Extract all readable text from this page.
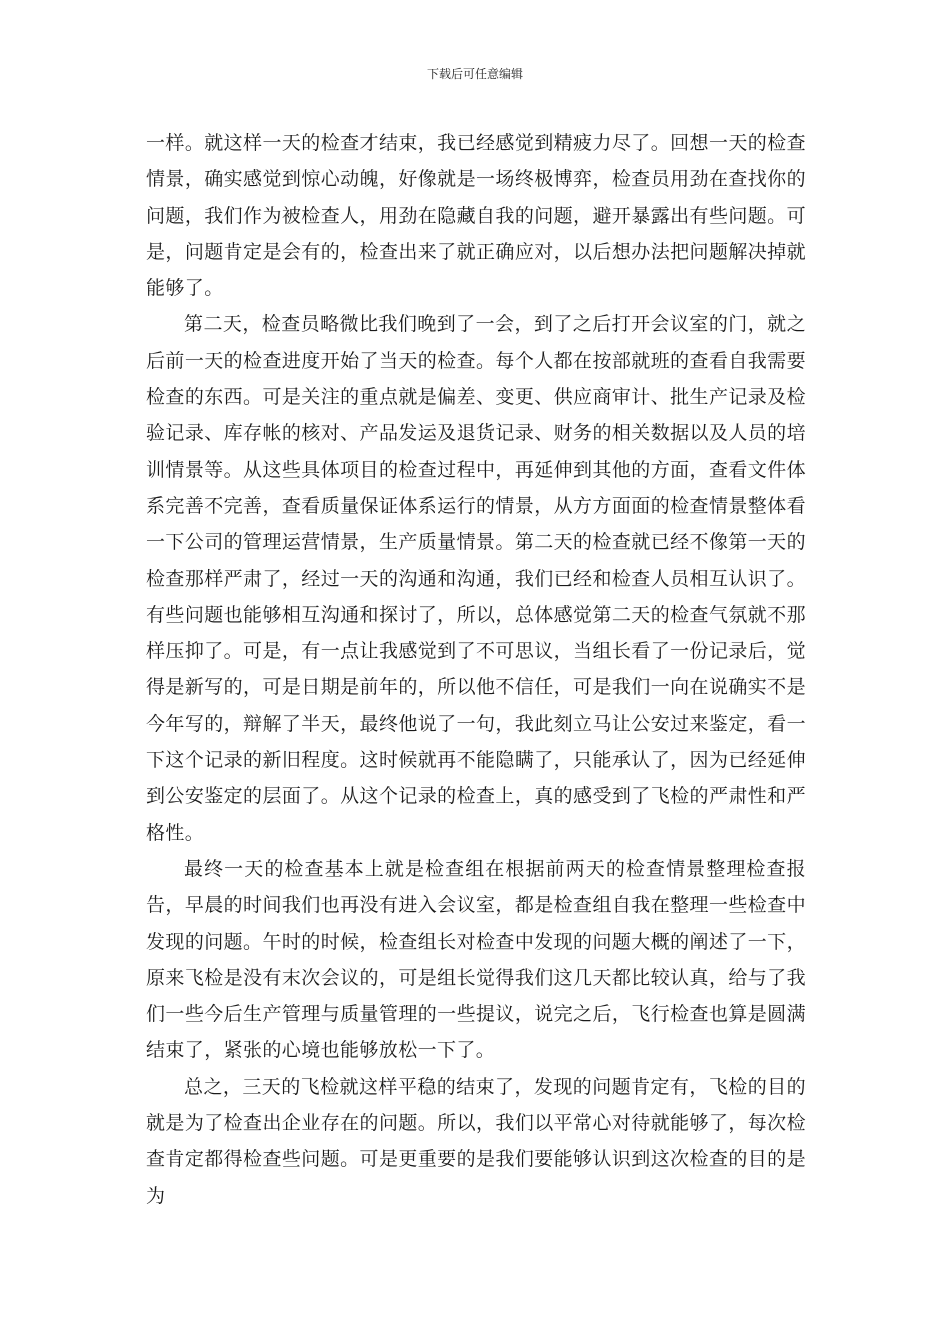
下载后可任意编辑

一样。就这样一天的检查才结束，我已经感觉到精疲力尽了。回想一天的检查情景，确实感觉到惊心动魄，好像就是一场终极博弈，检查员用劲在查找你的问题，我们作为被检查人，用劲在隐藏自我的问题，避开暴露出有些问题。可是，问题肯定是会有的，检查出来了就正确应对，以后想办法把问题解决掉就能够了。

第二天，检查员略微比我们晚到了一会，到了之后打开会议室的门，就之后前一天的检查进度开始了当天的检查。每个人都在按部就班的查看自我需要检查的东西。可是关注的重点就是偏差、变更、供应商审计、批生产记录及检验记录、库存帐的核对、产品发运及退货记录、财务的相关数据以及人员的培训情景等。从这些具体项目的检查过程中，再延伸到其他的方面，查看文件体系完善不完善，查看质量保证体系运行的情景，从方方面面的检查情景整体看一下公司的管理运营情景，生产质量情景。第二天的检查就已经不像第一天的检查那样严肃了，经过一天的沟通和沟通，我们已经和检查人员相互认识了。有些问题也能够相互沟通和探讨了，所以，总体感觉第二天的检查气氛就不那样压抑了。可是，有一点让我感觉到了不可思议，当组长看了一份记录后，觉得是新写的，可是日期是前年的，所以他不信任，可是我们一向在说确实不是今年写的，辩解了半天，最终他说了一句，我此刻立马让公安过来鉴定，看一下这个记录的新旧程度。这时候就再不能隐瞒了，只能承认了，因为已经延伸到公安鉴定的层面了。从这个记录的检查上，真的感受到了飞检的严肃性和严格性。

最终一天的检查基本上就是检查组在根据前两天的检查情景整理检查报告，早晨的时间我们也再没有进入会议室，都是检查组自我在整理一些检查中发现的问题。午时的时候，检查组长对检查中发现的问题大概的阐述了一下，原来飞检是没有末次会议的，可是组长觉得我们这几天都比较认真，给与了我们一些今后生产管理与质量管理的一些提议，说完之后，飞行检查也算是圆满结束了，紧张的心境也能够放松一下了。

总之，三天的飞检就这样平稳的结束了，发现的问题肯定有，飞检的目的就是为了检查出企业存在的问题。所以，我们以平常心对待就能够了，每次检查肯定都得检查些问题。可是更重要的是我们要能够认识到这次检查的目的是为
